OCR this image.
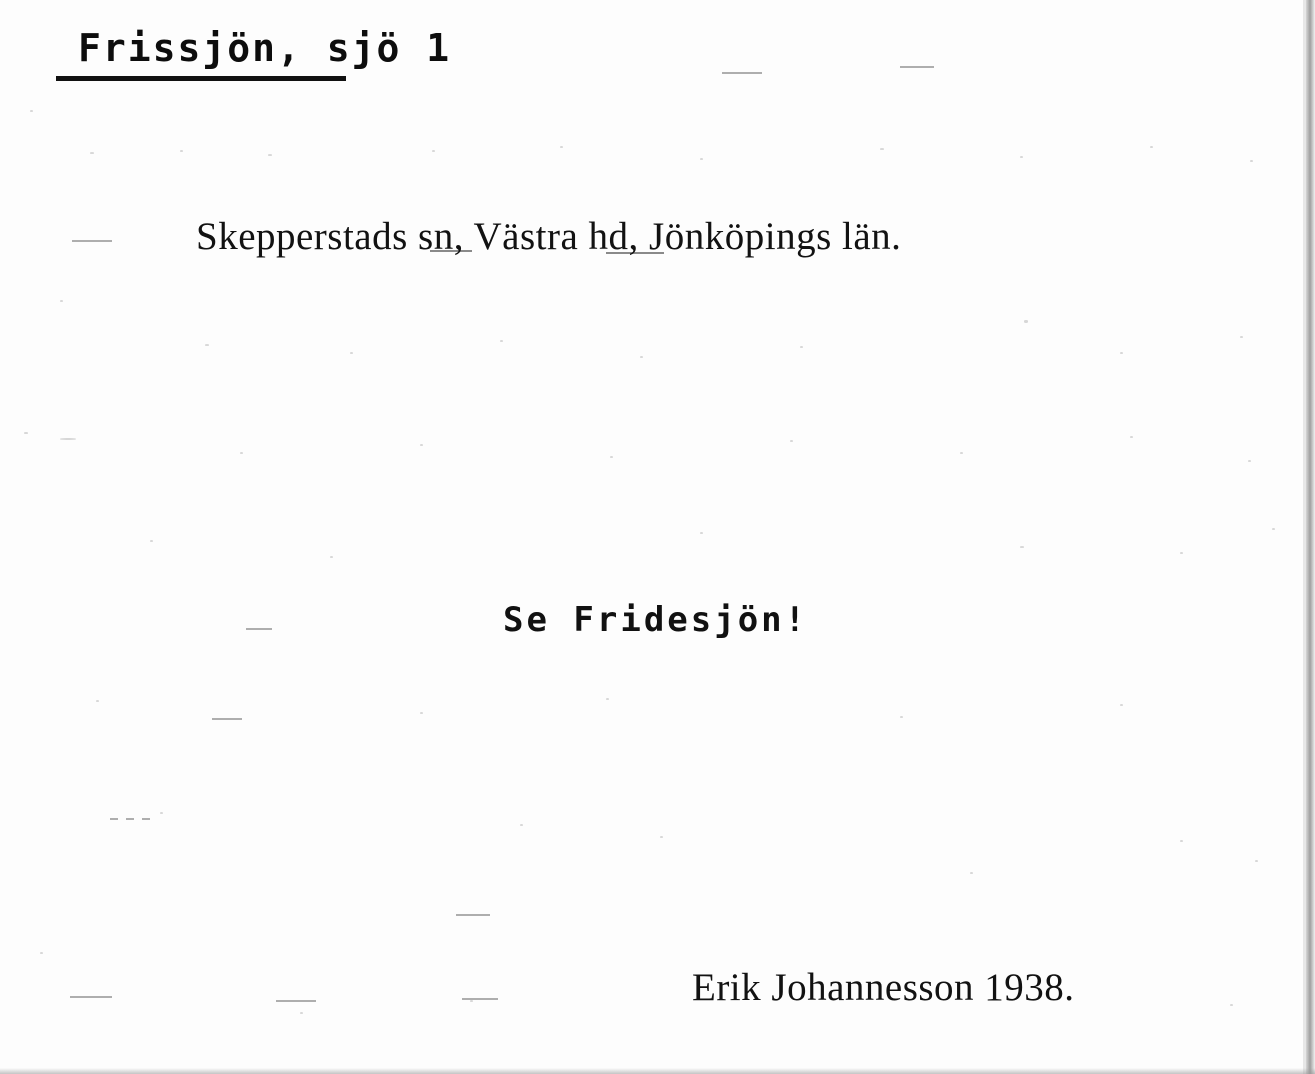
Frissjön, sjö 1
Skepperstads sn, Västra hd, Jönköpings län.
Se Fridesjön!
Erik Johannesson 1938.
